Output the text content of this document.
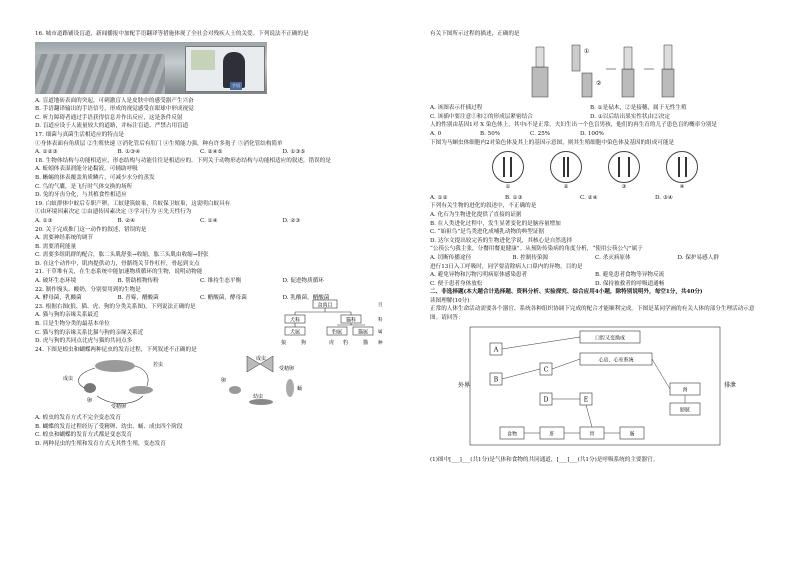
16. 城市道路铺设盲道，新闻播报中加配手语翻译等措施体现了全社会对残疾人士的关爱。下列说法不正确的是

手语

A. 盲道地砖表面的突起，可刺激盲人是皮肤中的感受器产生兴奋

B. 手语翻译输出的手语信号，形成的视觉感受在眼球中形成视觉

C. 听力障碍者通过手语获得信息并作出反应，这是条件反射

D. 盲道应设于人流量较大的道路，并标注盲道、严禁占用盲道

17. 细菌与真菌生活相适应的特点是

①身体表面有角质层 ②生殖快速 ③消化管后有肛门 ④生殖能力强，种有许多孢子 ⑤消化管结构简单

A. ①②③	B. ①③④	C. ②④⑤	D. ①③⑤

18. 生物体结构与功能相适应，形态结构与功能往往是相适应的。下列关于动物形态结构与功能相适应的叙述，错误的是

A. 蚯蚓体表湿润能分泌黏液，可辅助呼吸

B. 蜥蜴的体表覆盖角质鳞片，可减少水分的蒸发

C. 鸟的气囊，是飞行时气体交换的场所

D. 兔的牙齿分化，与其植食性相适应

19. 白蚁群体中蚁后专职产卵，工蚁建筑蚁巢，兵蚁保卫蚁巢，这说明白蚁具有

①由环境因素决定 ②由遗传因素决定 ③学习行为 ④先天性行为

A. ①③	B. ②④	C. ①④	D. ②③

20. 关于完成推门这一动作的叙述，错误的是

A. 需要神经系统的调节

B. 需要消耗能量

C. 需要多组肌群的配合，肱二头肌舒张→收缩，肱三头肌由收缩→舒张

D. 在这个动作中，肌肉提供动力，骨骼绕关节作杠杆，骨起到支点

21. 干草堆有关，在生态系统中能加速物质循环的生物，说明动物能

A. 破坏生态环境	B. 帮助植物传粉	C. 维持生态平衡	D. 促进物质循环

22. 制作馒头、酸奶，分别要用到的生物是

A. 酵母菌，乳酸菌	B. 青霉，醋酸菌	C. 醋酸菌，酵母菌	D. 乳酸菌，醋酸菌

23. 根据右图(狼、猫、虎、狗的分类关系图)，下列说法正确的是

A. 猫与狗的亲缘关系最近

B. 目是生物分类的最基本单位

C. 猫与豹的亲缘关系比猫与狗的亲缘关系近

D. 虎与狗的共同点比虎与猫的共同点多

食肉目
犬科	猫科
犬属	豹属	猫属
狼	狗	虎 豹	猫
目
科
属
种

24. 下图是蝗虫和蝴蝶两种昆虫的发育过程，下列叙述不正确的是

成虫
卵
受精卵
若虫
成虫
卵
蛹
幼虫
受精卵

A. 蝗虫的发育方式不完全变态发育

B. 蝴蝶的发育过程经历了受精卵、幼虫、蛹、成虫四个阶段

C. 蝗虫和蝴蝶的发育方式都是变态发育

D. 两种昆虫的生殖和发育方式无其性生殖，变态发育

有关下图所示过程的描述，正确的是

①
②
A. 该图表示扦插过程	B. ①是砧木，②是接穗，属于无性生殖
C. 该插中要注意①和②的形成层紧密结合	D. ①以后结出果实性状由②决定

人的性别由基因1对 X 染色体上，其中ⅰ不是正常，夫妇生出一个色盲男孩，他们的再生育的儿子患色盲的概率分别是

A. 0	B. 50%	C. 25%	D. 100%

下图为马蛔虫体细胞内2对染色体及其上的基因示意图，则其生殖细胞中染色体及基因的组成可能是

①	②	③	④
A. ①②	B. ①③	C. ②④	D. ③④

下列有关生物的进化的叙述中，不正确的是

A. 化石为生物进化提供了直接的证据

B. 在人类进化过程中，发生显著变化的是脑容量增加

C. “始祖鸟”是鸟类进化成哺乳动物的典型证据

D. 达尔文提出较完善的生物进化学说，其核心是自然选择

“公筷公勺我主张，分餐用餐更健康”。从预防传染病的角度分析，“使用公筷公勺”属于

A. 切断传播途径	B. 控制传染源	C. 杀灭病原体	D. 保护易感人群

进行13日入工呼吸时，同学要清除病人口鼻内的异物，目的是

A. 避免异物和污物污明病原体感染患者	B. 避免患者食物等异物反流
C. 便于患者身体放松	D. 保持被救者的呼吸道通畅

二、非选择题(本大题合计选择题、资料分析、实验探究、综合应用4小题，除特别说明外，每空1分，共40分)

读图理解(10分)

正常的人体生命活动需要各个器官、系统各种组织协调下完成的配合才能顺利完成。下图是某同学画的有关人体的部分生理活动示意图。请回答：

外界
口腔又变换成
A
B
C
D	E
心房、心室系统
肾
膀胱
排泄
食物	肝	胃	肠

(1)图中[___]___(共1分)是气体和食物的共同通道，[___]___(共1分)是呼吸系统的主要器官。
